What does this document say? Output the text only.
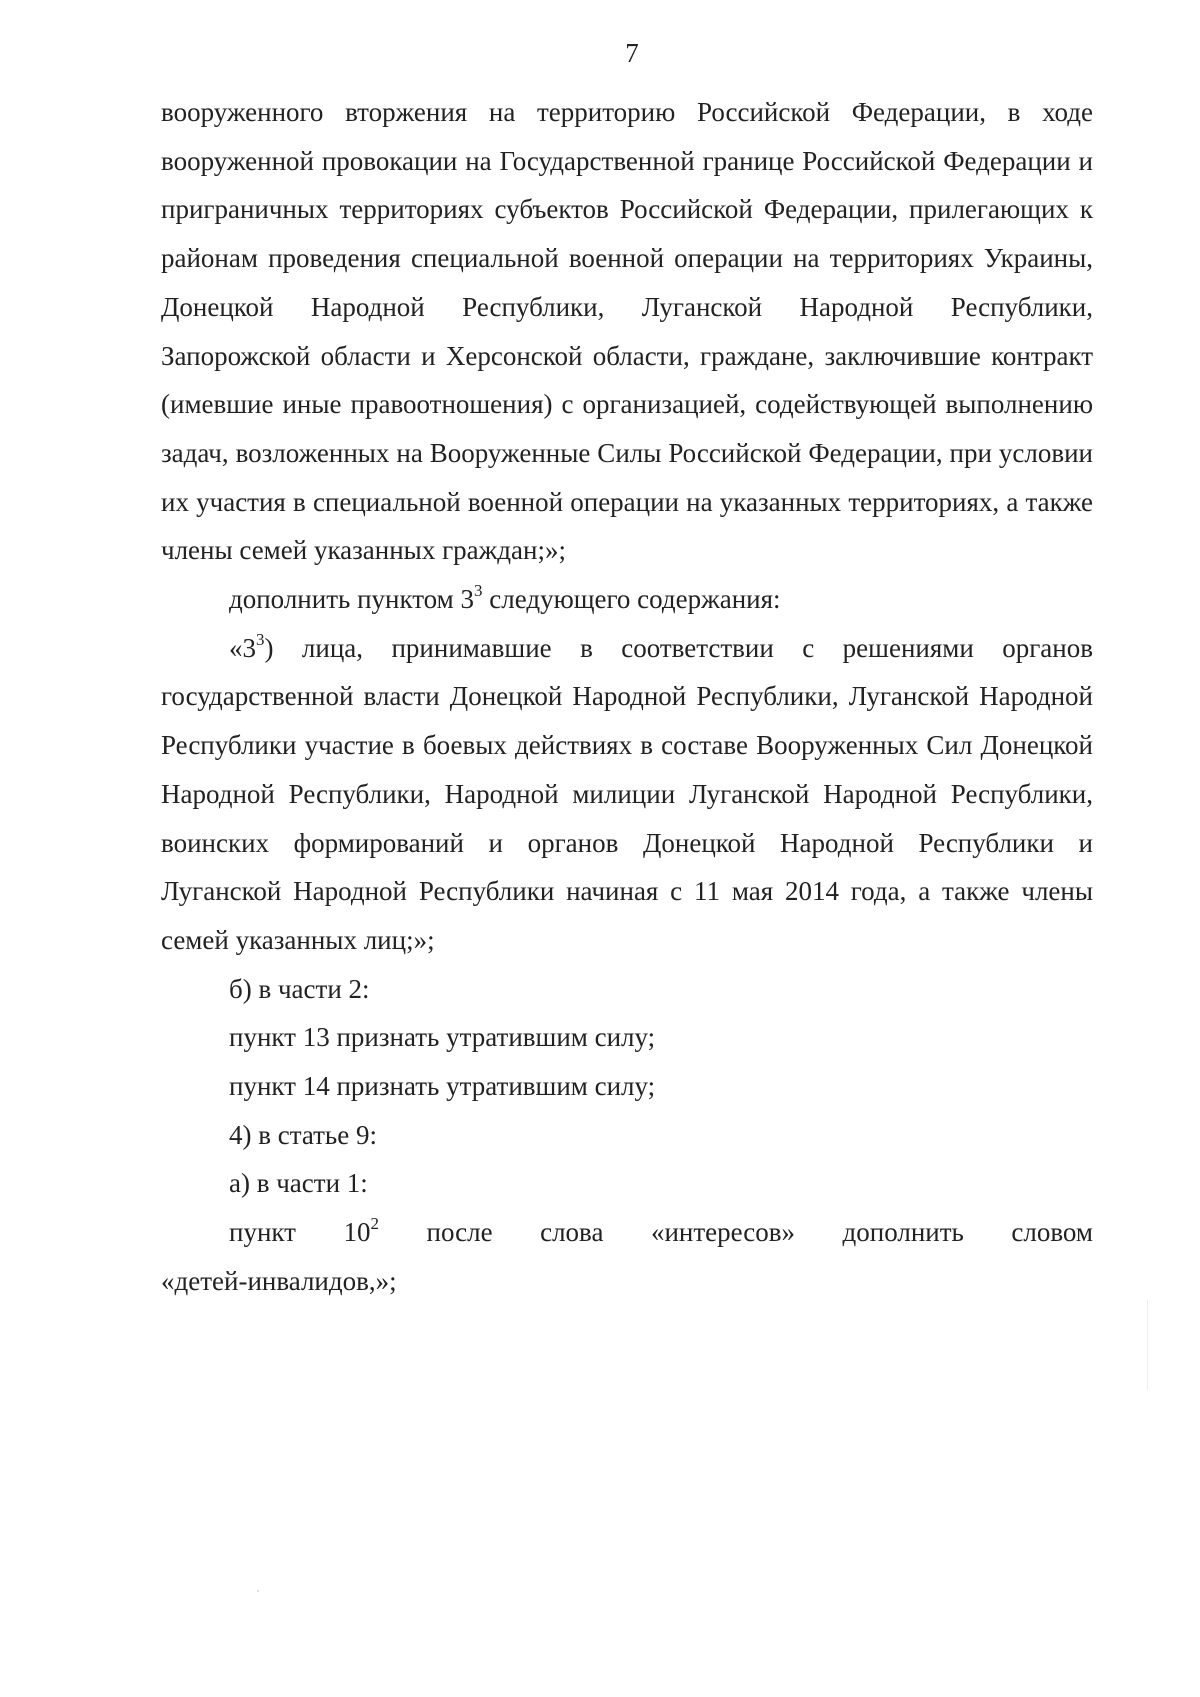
7

вооруженного вторжения на территорию Российской Федерации, в ходе вооруженной провокации на Государственной границе Российской Федерации и приграничных территориях субъектов Российской Федерации, прилегающих к районам проведения специальной военной операции на территориях Украины, Донецкой Народной Республики, Луганской Народной Республики, Запорожской области и Херсонской области, граждане, заключившие контракт (имевшие иные правоотношения) с организацией, содействующей выполнению задач, возложенных на Вооруженные Силы Российской Федерации, при условии их участия в специальной военной операции на указанных территориях, а также члены семей указанных граждан;»;

дополнить пунктом $3^3$ следующего содержания:

«$3^3$) лица, принимавшие в соответствии с решениями органов государственной власти Донецкой Народной Республики, Луганской Народной Республики участие в боевых действиях в составе Вооруженных Сил Донецкой Народной Республики, Народной милиции Луганской Народной Республики, воинских формирований и органов Донецкой Народной Республики и Луганской Народной Республики начиная с 11 мая 2014 года, а также члены семей указанных лиц;»;

б) в части 2:

пункт 13 признать утратившим силу;

пункт 14 признать утратившим силу;

4) в статье 9:

а) в части 1:

пункт $10^2$ после слова «интересов» дополнить словом

«детей-инвалидов,»;
